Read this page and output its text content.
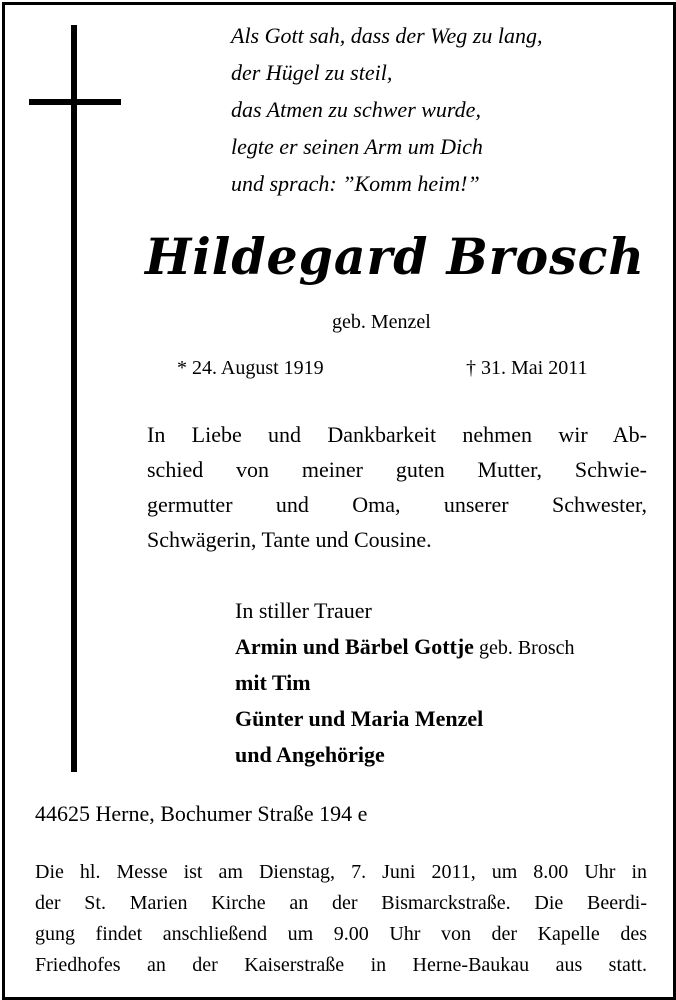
Als Gott sah, dass der Weg zu lang,
der Hügel zu steil,
das Atmen zu schwer wurde,
legte er seinen Arm um Dich
und sprach: ”Komm heim!”
Hildegard Brosch
geb. Menzel
* 24. August 1919	† 31. Mai 2011
In Liebe und Dankbarkeit nehmen wir Ab-
schied von meiner guten Mutter, Schwie-
germutter und Oma, unserer Schwester,
Schwägerin, Tante und Cousine.
In stiller Trauer
Armin und Bärbel Gottje geb. Brosch
mit Tim
Günter und Maria Menzel
und Angehörige
44625 Herne, Bochumer Straße 194 e
Die hl. Messe ist am Dienstag, 7. Juni 2011, um 8.00 Uhr in
der St. Marien Kirche an der Bismarckstraße. Die Beerdi-
gung findet anschließend um 9.00 Uhr von der Kapelle des
Friedhofes an der Kaiserstraße in Herne-Baukau aus statt.
